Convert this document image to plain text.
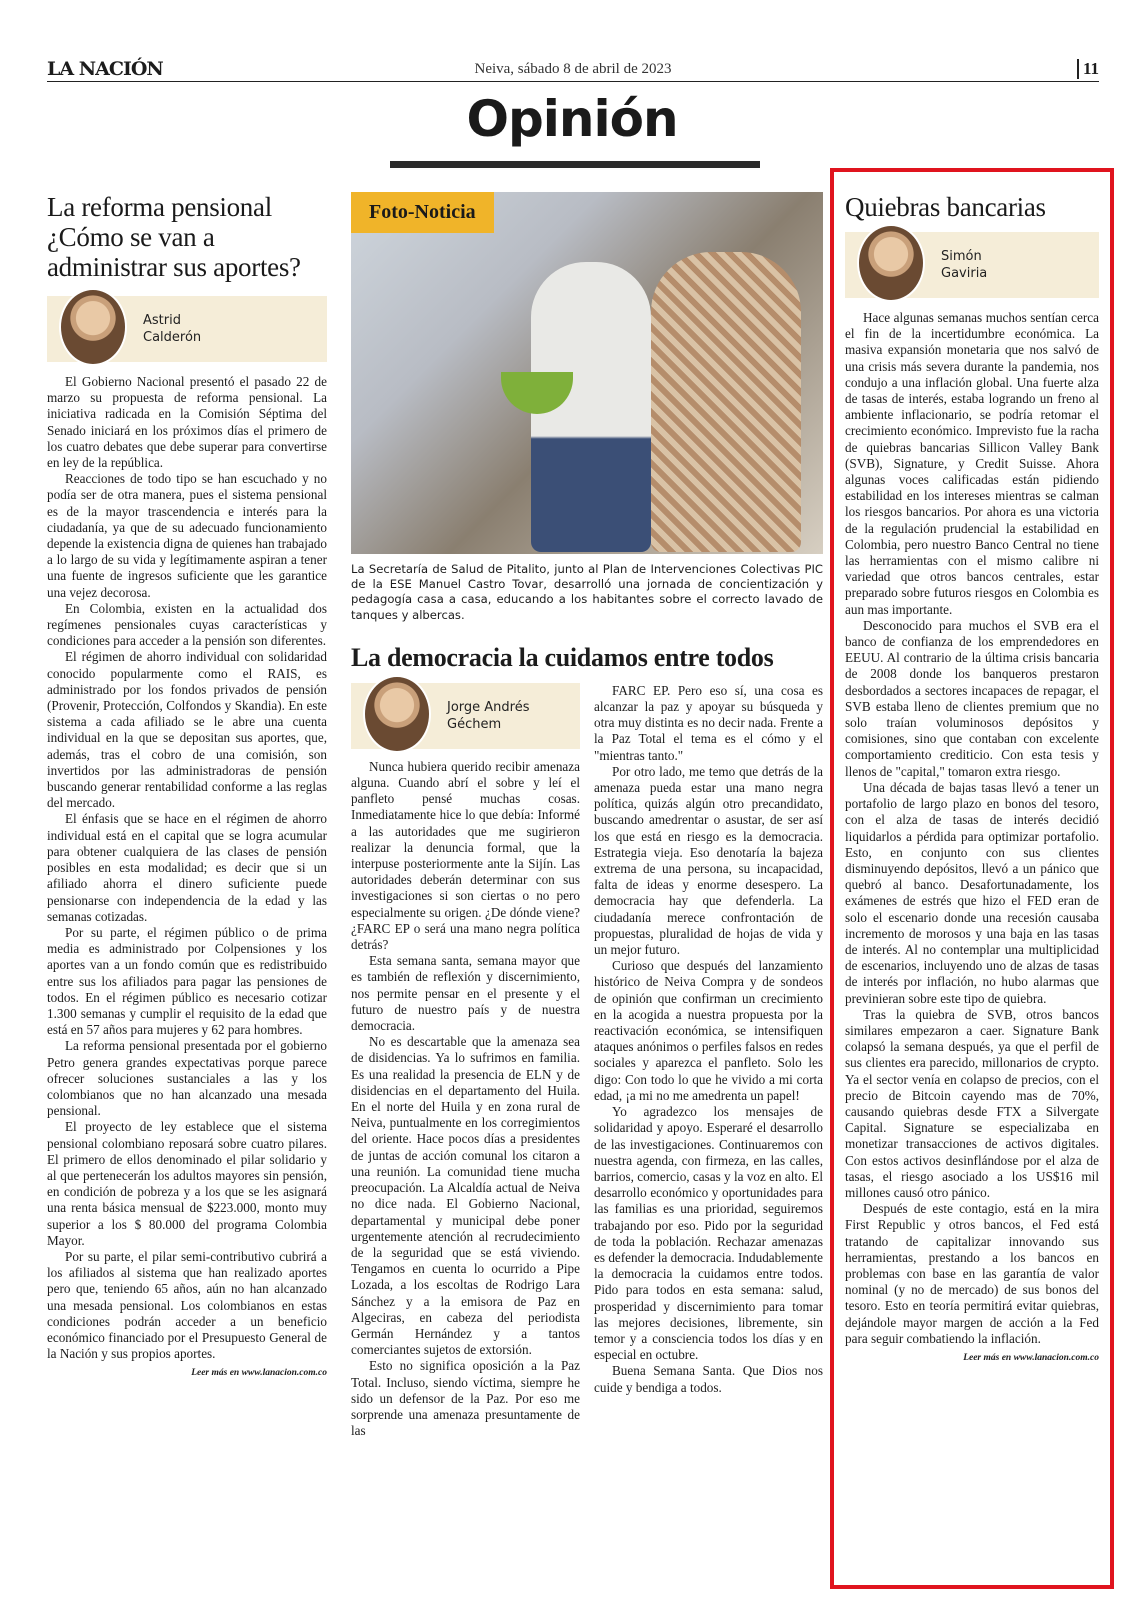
LA NACIÓN	Neiva, sábado 8 de abril de 2023	11
Opinión
La reforma pensional ¿Cómo se van a administrar sus aportes?
Astrid
Calderón

El Gobierno Nacional presentó el pasado 22 de marzo su propuesta de reforma pensional. La iniciativa radicada en la Comisión Séptima del Senado iniciará en los próximos días el primero de los cuatro debates que debe superar para convertirse en ley de la república.

Reacciones de todo tipo se han escuchado y no podía ser de otra manera, pues el sistema pensional es de la mayor trascendencia e interés para la ciudadanía, ya que de su adecuado funcionamiento depende la existencia digna de quienes han trabajado a lo largo de su vida y legítimamente aspiran a tener una fuente de ingresos suficiente que les garantice una vejez decorosa.

En Colombia, existen en la actualidad dos regímenes pensionales cuyas características y condiciones para acceder a la pensión son diferentes.

El régimen de ahorro individual con solidaridad conocido popularmente como el RAIS, es administrado por los fondos privados de pensión (Provenir, Protección, Colfondos y Skandia). En este sistema a cada afiliado se le abre una cuenta individual en la que se depositan sus aportes, que, además, tras el cobro de una comisión, son invertidos por las administradoras de pensión buscando generar rentabilidad conforme a las reglas del mercado.

El énfasis que se hace en el régimen de ahorro individual está en el capital que se logra acumular para obtener cualquiera de las clases de pensión posibles en esta modalidad; es decir que si un afiliado ahorra el dinero suficiente puede pensionarse con independencia de la edad y las semanas cotizadas.

Por su parte, el régimen público o de prima media es administrado por Colpensiones y los aportes van a un fondo común que es redistribuido entre sus los afiliados para pagar las pensiones de todos. En el régimen público es necesario cotizar 1.300 semanas y cumplir el requisito de la edad que está en 57 años para mujeres y 62 para hombres.

La reforma pensional presentada por el gobierno Petro genera grandes expectativas porque parece ofrecer soluciones sustanciales a las y los colombianos que no han alcanzado una mesada pensional.

El proyecto de ley establece que el sistema pensional colombiano reposará sobre cuatro pilares. El primero de ellos denominado el pilar solidario y al que pertenecerán los adultos mayores sin pensión, en condición de pobreza y a los que se les asignará una renta básica mensual de $223.000, monto muy superior a los $ 80.000 del programa Colombia Mayor.

Por su parte, el pilar semi-contributivo cubrirá a los afiliados al sistema que han realizado aportes pero que, teniendo 65 años, aún no han alcanzado una mesada pensional. Los colombianos en estas condiciones podrán acceder a un beneficio económico financiado por el Presupuesto General de la Nación y sus propios aportes.

Leer más en www.lanacion.com.co
Foto-Noticia
La Secretaría de Salud de Pitalito, junto al Plan de Intervenciones Colectivas PIC de la ESE Manuel Castro Tovar, desarrolló una jornada de concientización y pedagogía casa a casa, educando a los habitantes sobre el correcto lavado de tanques y albercas.
La democracia la cuidamos entre todos
Jorge Andrés
Géchem

Nunca hubiera querido recibir amenaza alguna. Cuando abrí el sobre y leí el panfleto pensé muchas cosas. Inmediatamente hice lo que debía: Informé a las autoridades que me sugirieron realizar la denuncia formal, que la interpuse posteriormente ante la Sijín. Las autoridades deberán determinar con sus investigaciones si son ciertas o no pero especialmente su origen. ¿De dónde viene? ¿FARC EP o será una mano negra política detrás?

Esta semana santa, semana mayor que es también de reflexión y discernimiento, nos permite pensar en el presente y el futuro de nuestro país y de nuestra democracia.

No es descartable que la amenaza sea de disidencias. Ya lo sufrimos en familia. Es una realidad la presencia de ELN y de disidencias en el departamento del Huila. En el norte del Huila y en zona rural de Neiva, puntualmente en los corregimientos del oriente. Hace pocos días a presidentes de juntas de acción comunal los citaron a una reunión. La comunidad tiene mucha preocupación. La Alcaldía actual de Neiva no dice nada. El Gobierno Nacional, departamental y municipal debe poner urgentemente atención al recrudecimiento de la seguridad que se está viviendo. Tengamos en cuenta lo ocurrido a Pipe Lozada, a los escoltas de Rodrigo Lara Sánchez y a la emisora de Paz en Algeciras, en cabeza del periodista Germán Hernández y a tantos comerciantes sujetos de extorsión.

Esto no significa oposición a la Paz Total. Incluso, siendo víctima, siempre he sido un defensor de la Paz. Por eso me sorprende una amenaza presuntamente de las

FARC EP. Pero eso sí, una cosa es alcanzar la paz y apoyar su búsqueda y otra muy distinta es no decir nada. Frente a la Paz Total el tema es el cómo y el "mientras tanto."

Por otro lado, me temo que detrás de la amenaza pueda estar una mano negra política, quizás algún otro precandidato, buscando amedrentar o asustar, de ser así los que está en riesgo es la democracia. Estrategia vieja. Eso denotaría la bajeza extrema de una persona, su incapacidad, falta de ideas y enorme desespero. La democracia hay que defenderla. La ciudadanía merece confrontación de propuestas, pluralidad de hojas de vida y un mejor futuro.

Curioso que después del lanzamiento histórico de Neiva Compra y de sondeos de opinión que confirman un crecimiento en la acogida a nuestra propuesta por la reactivación económica, se intensifiquen ataques anónimos o perfiles falsos en redes sociales y aparezca el panfleto. Solo les digo: Con todo lo que he vivido a mi corta edad, ¡a mi no me amedrenta un papel!

Yo agradezco los mensajes de solidaridad y apoyo. Esperaré el desarrollo de las investigaciones. Continuaremos con nuestra agenda, con firmeza, en las calles, barrios, comercio, casas y la voz en alto. El desarrollo económico y oportunidades para las familias es una prioridad, seguiremos trabajando por eso. Pido por la seguridad de toda la población. Rechazar amenazas es defender la democracia. Indudablemente la democracia la cuidamos entre todos. Pido para todos en esta semana: salud, prosperidad y discernimiento para tomar las mejores decisiones, libremente, sin temor y a consciencia todos los días y en especial en octubre.

Buena Semana Santa. Que Dios nos cuide y bendiga a todos.

Quiebras bancarias
Simón
Gaviria

Hace algunas semanas muchos sentían cerca el fin de la incertidumbre económica. La masiva expansión monetaria que nos salvó de una crisis más severa durante la pandemia, nos condujo a una inflación global. Una fuerte alza de tasas de interés, estaba logrando un freno al ambiente inflacionario, se podría retomar el crecimiento económico. Imprevisto fue la racha de quiebras bancarias Sillicon Valley Bank (SVB), Signature, y Credit Suisse. Ahora algunas voces calificadas están pidiendo estabilidad en los intereses mientras se calman los riesgos bancarios. Por ahora es una victoria de la regulación prudencial la estabilidad en Colombia, pero nuestro Banco Central no tiene las herramientas con el mismo calibre ni variedad que otros bancos centrales, estar preparado sobre futuros riesgos en Colombia es aun mas importante.

Desconocido para muchos el SVB era el banco de confianza de los emprendedores en EEUU. Al contrario de la última crisis bancaria de 2008 donde los banqueros prestaron desbordados a sectores incapaces de repagar, el SVB estaba lleno de clientes premium que no solo traían voluminosos depósitos y comisiones, sino que contaban con excelente comportamiento crediticio. Con esta tesis y llenos de "capital," tomaron extra riesgo.

Una década de bajas tasas llevó a tener un portafolio de largo plazo en bonos del tesoro, con el alza de tasas de interés decidió liquidarlos a pérdida para optimizar portafolio. Esto, en conjunto con sus clientes disminuyendo depósitos, llevó a un pánico que quebró al banco. Desafortunadamente, los exámenes de estrés que hizo el FED eran de solo el escenario donde una recesión causaba incremento de morosos y una baja en las tasas de interés. Al no contemplar una multiplicidad de escenarios, incluyendo uno de alzas de tasas de interés por inflación, no hubo alarmas que previnieran sobre este tipo de quiebra.

Tras la quiebra de SVB, otros bancos similares empezaron a caer. Signature Bank colapsó la semana después, ya que el perfil de sus clientes era parecido, millonarios de crypto. Ya el sector venía en colapso de precios, con el precio de Bitcoin cayendo mas de 70%, causando quiebras desde FTX a Silvergate Capital. Signature se especializaba en monetizar transacciones de activos digitales. Con estos activos desinflándose por el alza de tasas, el riesgo asociado a los US$16 mil millones causó otro pánico.

Después de este contagio, está en la mira First Republic y otros bancos, el Fed está tratando de capitalizar innovando sus herramientas, prestando a los bancos en problemas con base en las garantía de valor nominal (y no de mercado) de sus bonos del tesoro. Esto en teoría permitirá evitar quiebras, dejándole mayor margen de acción a la Fed para seguir combatiendo la inflación.

Leer más en www.lanacion.com.co
